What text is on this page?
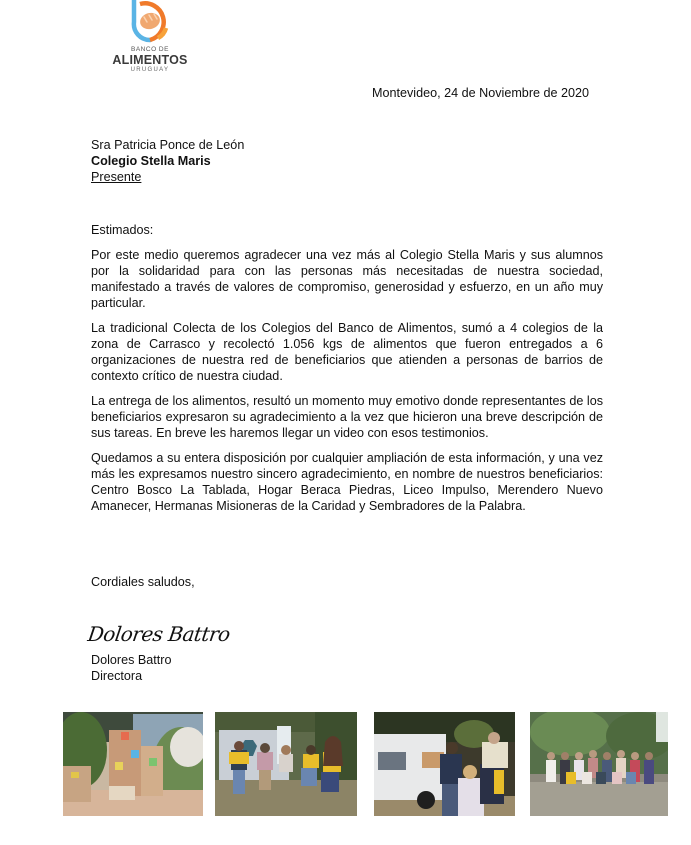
BANCO DE
ALIMENTOS
URUGUAY
Montevideo, 24 de Noviembre de 2020
Sra Patricia Ponce de León
Colegio Stella Maris
Presente

Estimados:

Por este medio queremos agradecer una vez más al Colegio Stella Maris y sus alumnos por la solidaridad para con las personas más necesitadas de nuestra sociedad, manifestado a través de valores de compromiso, generosidad y esfuerzo, en un año muy particular.

La tradicional Colecta de los Colegios del Banco de Alimentos, sumó a 4 colegios de la zona de Carrasco y recolectó 1.056 kgs de alimentos que fueron entregados a 6 organizaciones de nuestra red de beneficiarios que atienden a personas de barrios de contexto crítico de nuestra ciudad.

La entrega de los alimentos, resultó un momento muy emotivo donde representantes de los beneficiarios expresaron su agradecimiento a la vez que hicieron una breve descripción de sus tareas. En breve les haremos llegar un video con esos testimonios.

Quedamos a su entera disposición por cualquier ampliación de esta información, y una vez más les expresamos nuestro sincero agradecimiento, en nombre de nuestros beneficiarios: Centro Bosco La Tablada, Hogar Beraca Piedras, Liceo Impulso, Merendero Nuevo Amanecer, Hermanas Misioneras de la Caridad y Sembradores de la Palabra.

Cordiales saludos,
Dolores Battro
Dolores Battro
Directora
